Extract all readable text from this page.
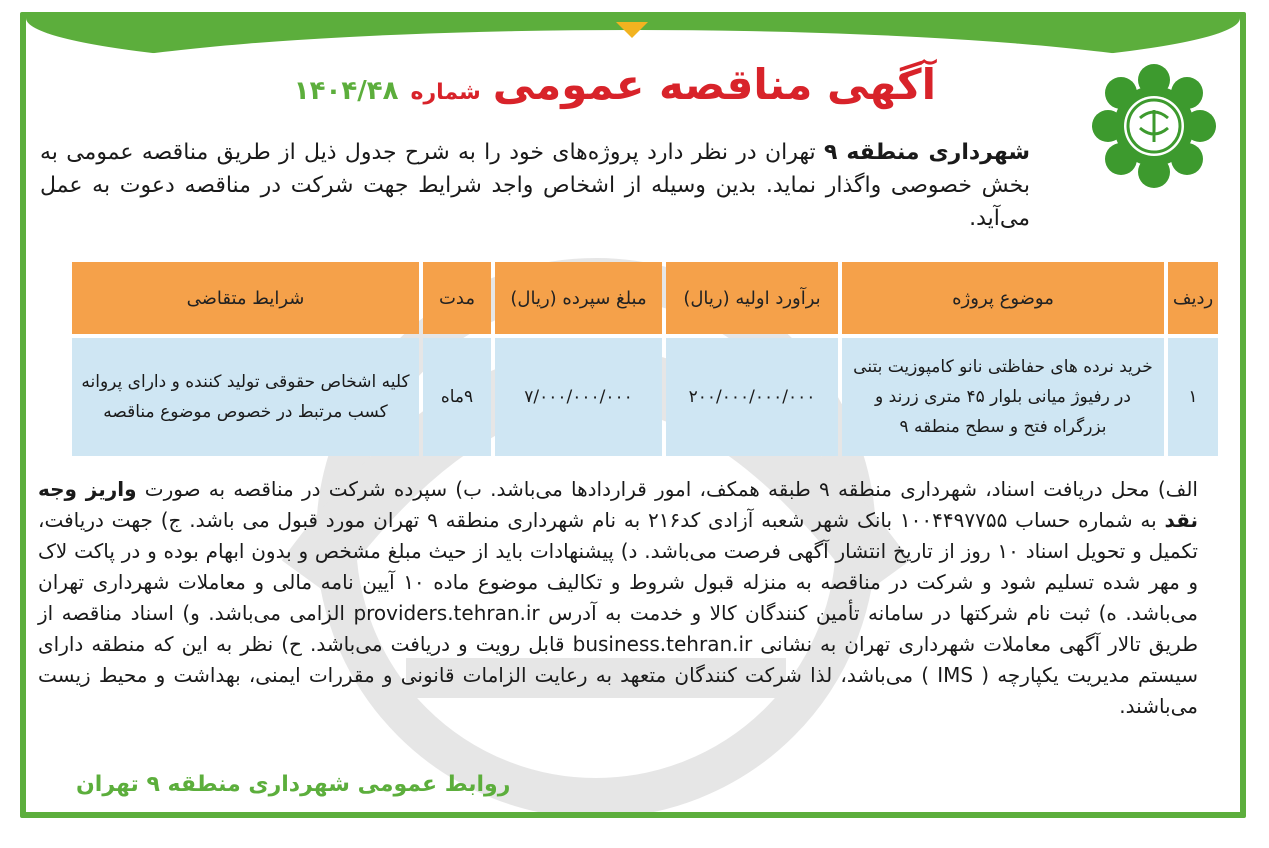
آگهی مناقصه عمومی
شماره
۱۴۰۴/۴۸
شهرداری منطقه ۹ تهران در نظر دارد پروژه‌های خود را به شرح جدول ذیل از طریق مناقصه عمومی به بخش خصوصی واگذار نماید. بدین وسیله از اشخاص واجد شرایط جهت شرکت در مناقصه دعوت به عمل می‌آید.
ردیف	موضوع پروژه	برآورد اولیه (ریال)	مبلغ سپرده (ریال)	مدت	شرایط متقاضی
۱	خرید نرده های حفاظتی نانو کامپوزیت بتنی در رفیوژ میانی بلوار ۴۵ متری زرند و بزرگراه فتح و سطح منطقه ۹	۲۰۰/۰۰۰/۰۰۰/۰۰۰	۷/۰۰۰/۰۰۰/۰۰۰	۹ماه	کلیه اشخاص حقوقی تولید کننده و دارای پروانه کسب مرتبط در خصوص موضوع مناقصه

الف) محل دریافت اسناد، شهرداری منطقه ۹ طبقه همکف، امور قراردادها می‌باشد. ب) سپرده شرکت در مناقصه به صورت واریز وجه نقد به شماره حساب ۱۰۰۴۴۹۷۷۵۵ بانک شهر شعبه آزادی کد۲۱۶ به نام شهرداری منطقه ۹ تهران مورد قبول می باشد. ج) جهت دریافت، تکمیل و تحویل اسناد ۱۰ روز از تاریخ انتشار آگهی فرصت می‌باشد. د) پیشنهادات باید از حیث مبلغ مشخص و بدون ابهام بوده و در پاکت لاک و مهر شده تسلیم شود و شرکت در مناقصه به منزله قبول شروط و تکالیف موضوع ماده ۱۰ آیین نامه مالی و معاملات شهرداری تهران می‌باشد. ه) ثبت نام شرکتها در سامانه تأمین کنندگان کالا و خدمت به آدرس providers.tehran.ir الزامی می‌باشد. و) اسناد مناقصه از طریق تالار آگهی معاملات شهرداری تهران به نشانی business.tehran.ir قابل رویت و دریافت می‌باشد. ح) نظر به این که منطقه دارای سیستم مدیریت یکپارچه ( IMS ) می‌باشد، لذا شرکت کنندگان متعهد به رعایت الزامات قانونی و مقررات ایمنی، بهداشت و محیط زیست می‌باشند.

روابط عمومی شهرداری منطقه ۹ تهران
